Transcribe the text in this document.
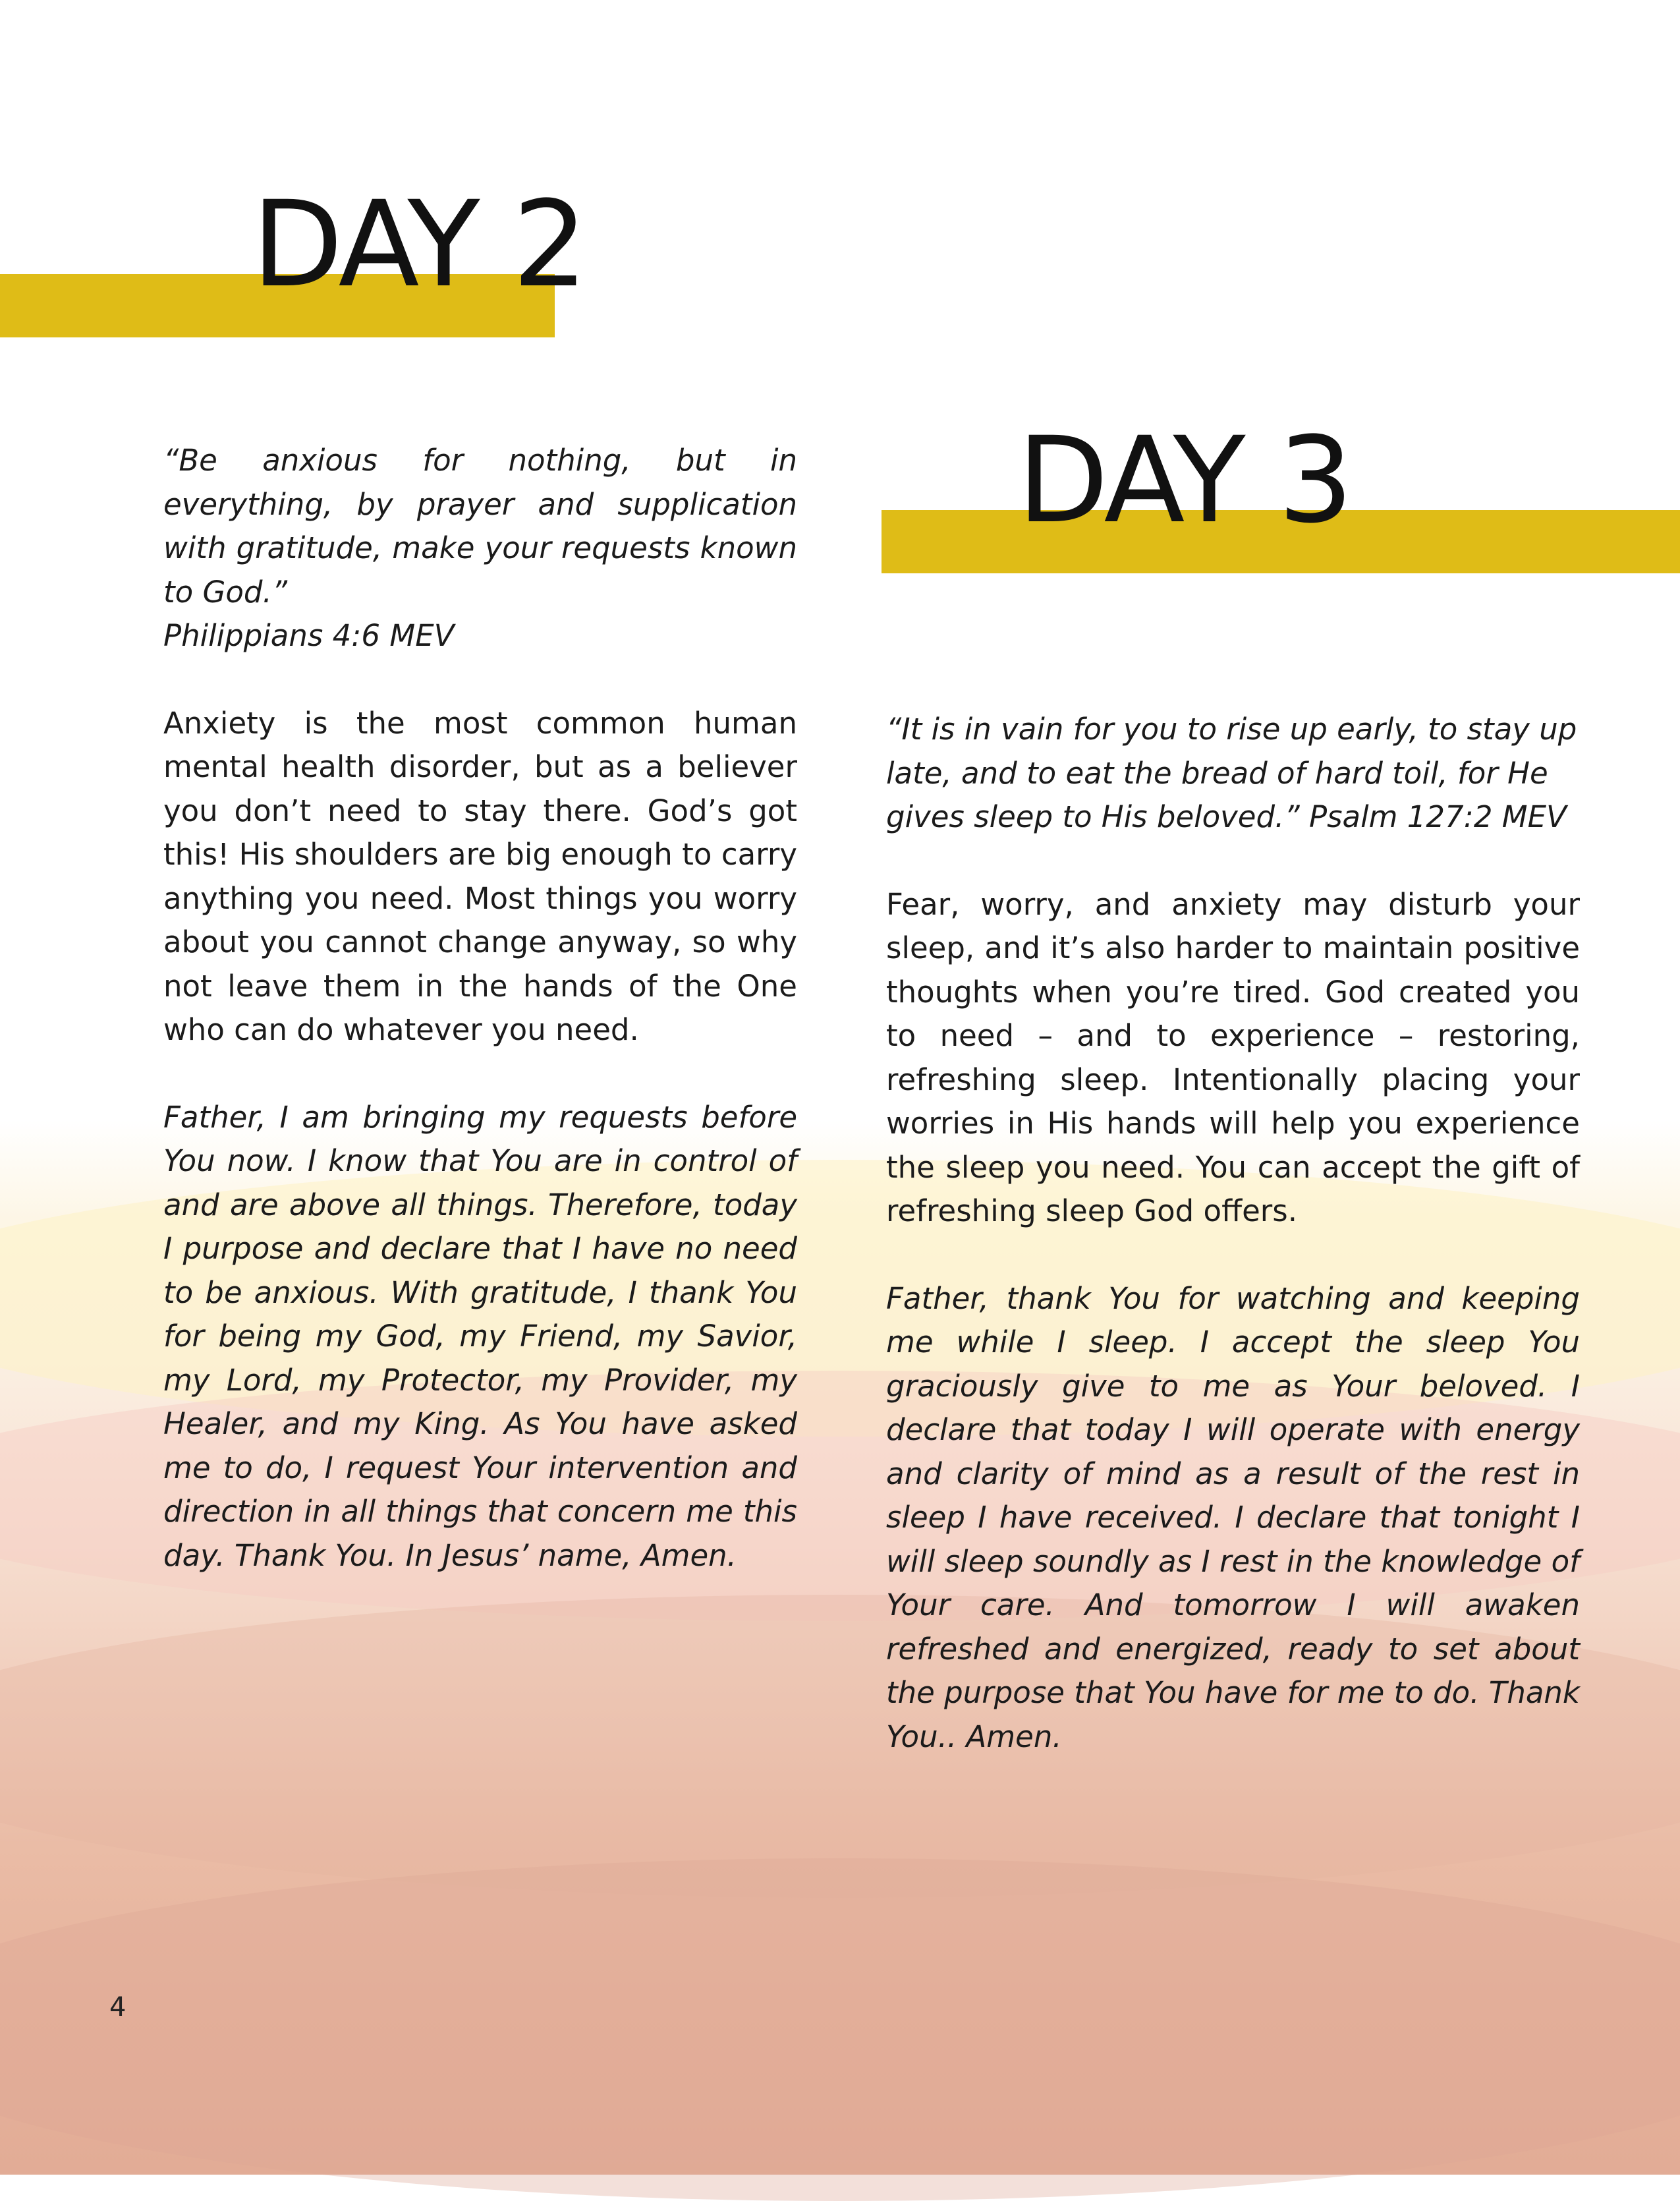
DAY 2
DAY 3

“Be anxious for nothing, but in everything, by prayer and supplication with gratitude, make your requests known to God.”

Philippians 4:6 MEV

Anxiety is the most common human mental health disorder, but as a believer you don’t need to stay there. God’s got this! His shoulders are big enough to carry anything you need. Most things you worry about you cannot change anyway, so why not leave them in the hands of the One who can do whatever you need.

Father, I am bringing my requests before You now. I know that You are in control of and are above all things. Therefore, today I purpose and declare that I have no need to be anxious. With gratitude, I thank You for being my God, my Friend, my Savior, my Lord, my Protector, my Provider, my Healer, and my King. As You have asked me to do, I request Your intervention and direction in all things that concern me this day. Thank You. In Jesus’ name, Amen.

“It is in vain for you to rise up early, to stay up late, and to eat the bread of hard toil, for He gives sleep to His beloved.” Psalm 127:2 MEV

Fear, worry, and anxiety may disturb your sleep, and it’s also harder to maintain positive thoughts when you’re tired. God created you to need – and to experience – restoring, refreshing sleep. Intentionally placing your worries in His hands will help you experience the sleep you need. You can accept the gift of refreshing sleep God offers.

Father, thank You for watching and keeping me while I sleep. I accept the sleep You graciously give to me as Your beloved. I declare that today I will operate with energy and clarity of mind as a result of the rest in sleep I have received. I declare that tonight I will sleep soundly as I rest in the knowledge of Your care. And tomorrow I will awaken refreshed and energized, ready to set about the purpose that You have for me to do. Thank You.. Amen.

4
